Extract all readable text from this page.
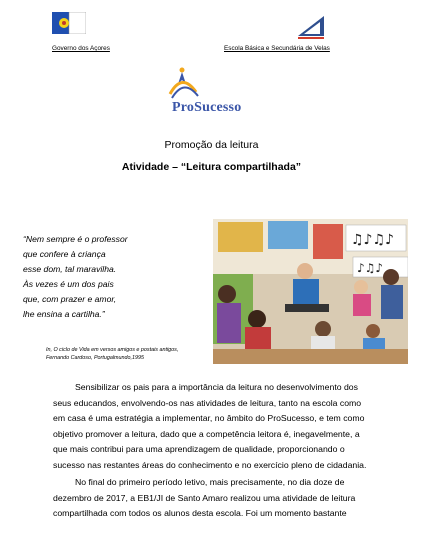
Governo dos Açores	Escola Básica e Secundária de Velas
ProSucesso
Promoção da leitura
Atividade – “Leitura compartilhada”
“Nem sempre é o professor
que confere à criança
esse dom, tal maravilha.
Às vezes é um dos pais
que, com prazer e amor,
lhe ensina a cartilha.”
In, O ciclo de Vida em versos amigos e postais antigos,
Fernando Cardoso, Portugalmundo,1995
♫♪♫♪
♪♫♪
Sensibilizar os pais para a importância da leitura no desenvolvimento dos
seus educandos, envolvendo-os nas atividades de leitura, tanto na escola como
em casa é uma estratégia a implementar, no âmbito do ProSucesso, e tem como
objetivo promover a leitura, dado que a competência leitora é, inegavelmente, a
que mais contribui para uma aprendizagem de qualidade, proporcionando o
sucesso nas restantes áreas do conhecimento e no exercício pleno de cidadania.
No final do primeiro período letivo, mais precisamente, no dia doze de
dezembro de 2017, a EB1/JI de Santo Amaro realizou uma atividade de leitura
compartilhada com todos os alunos desta escola. Foi um momento bastante
